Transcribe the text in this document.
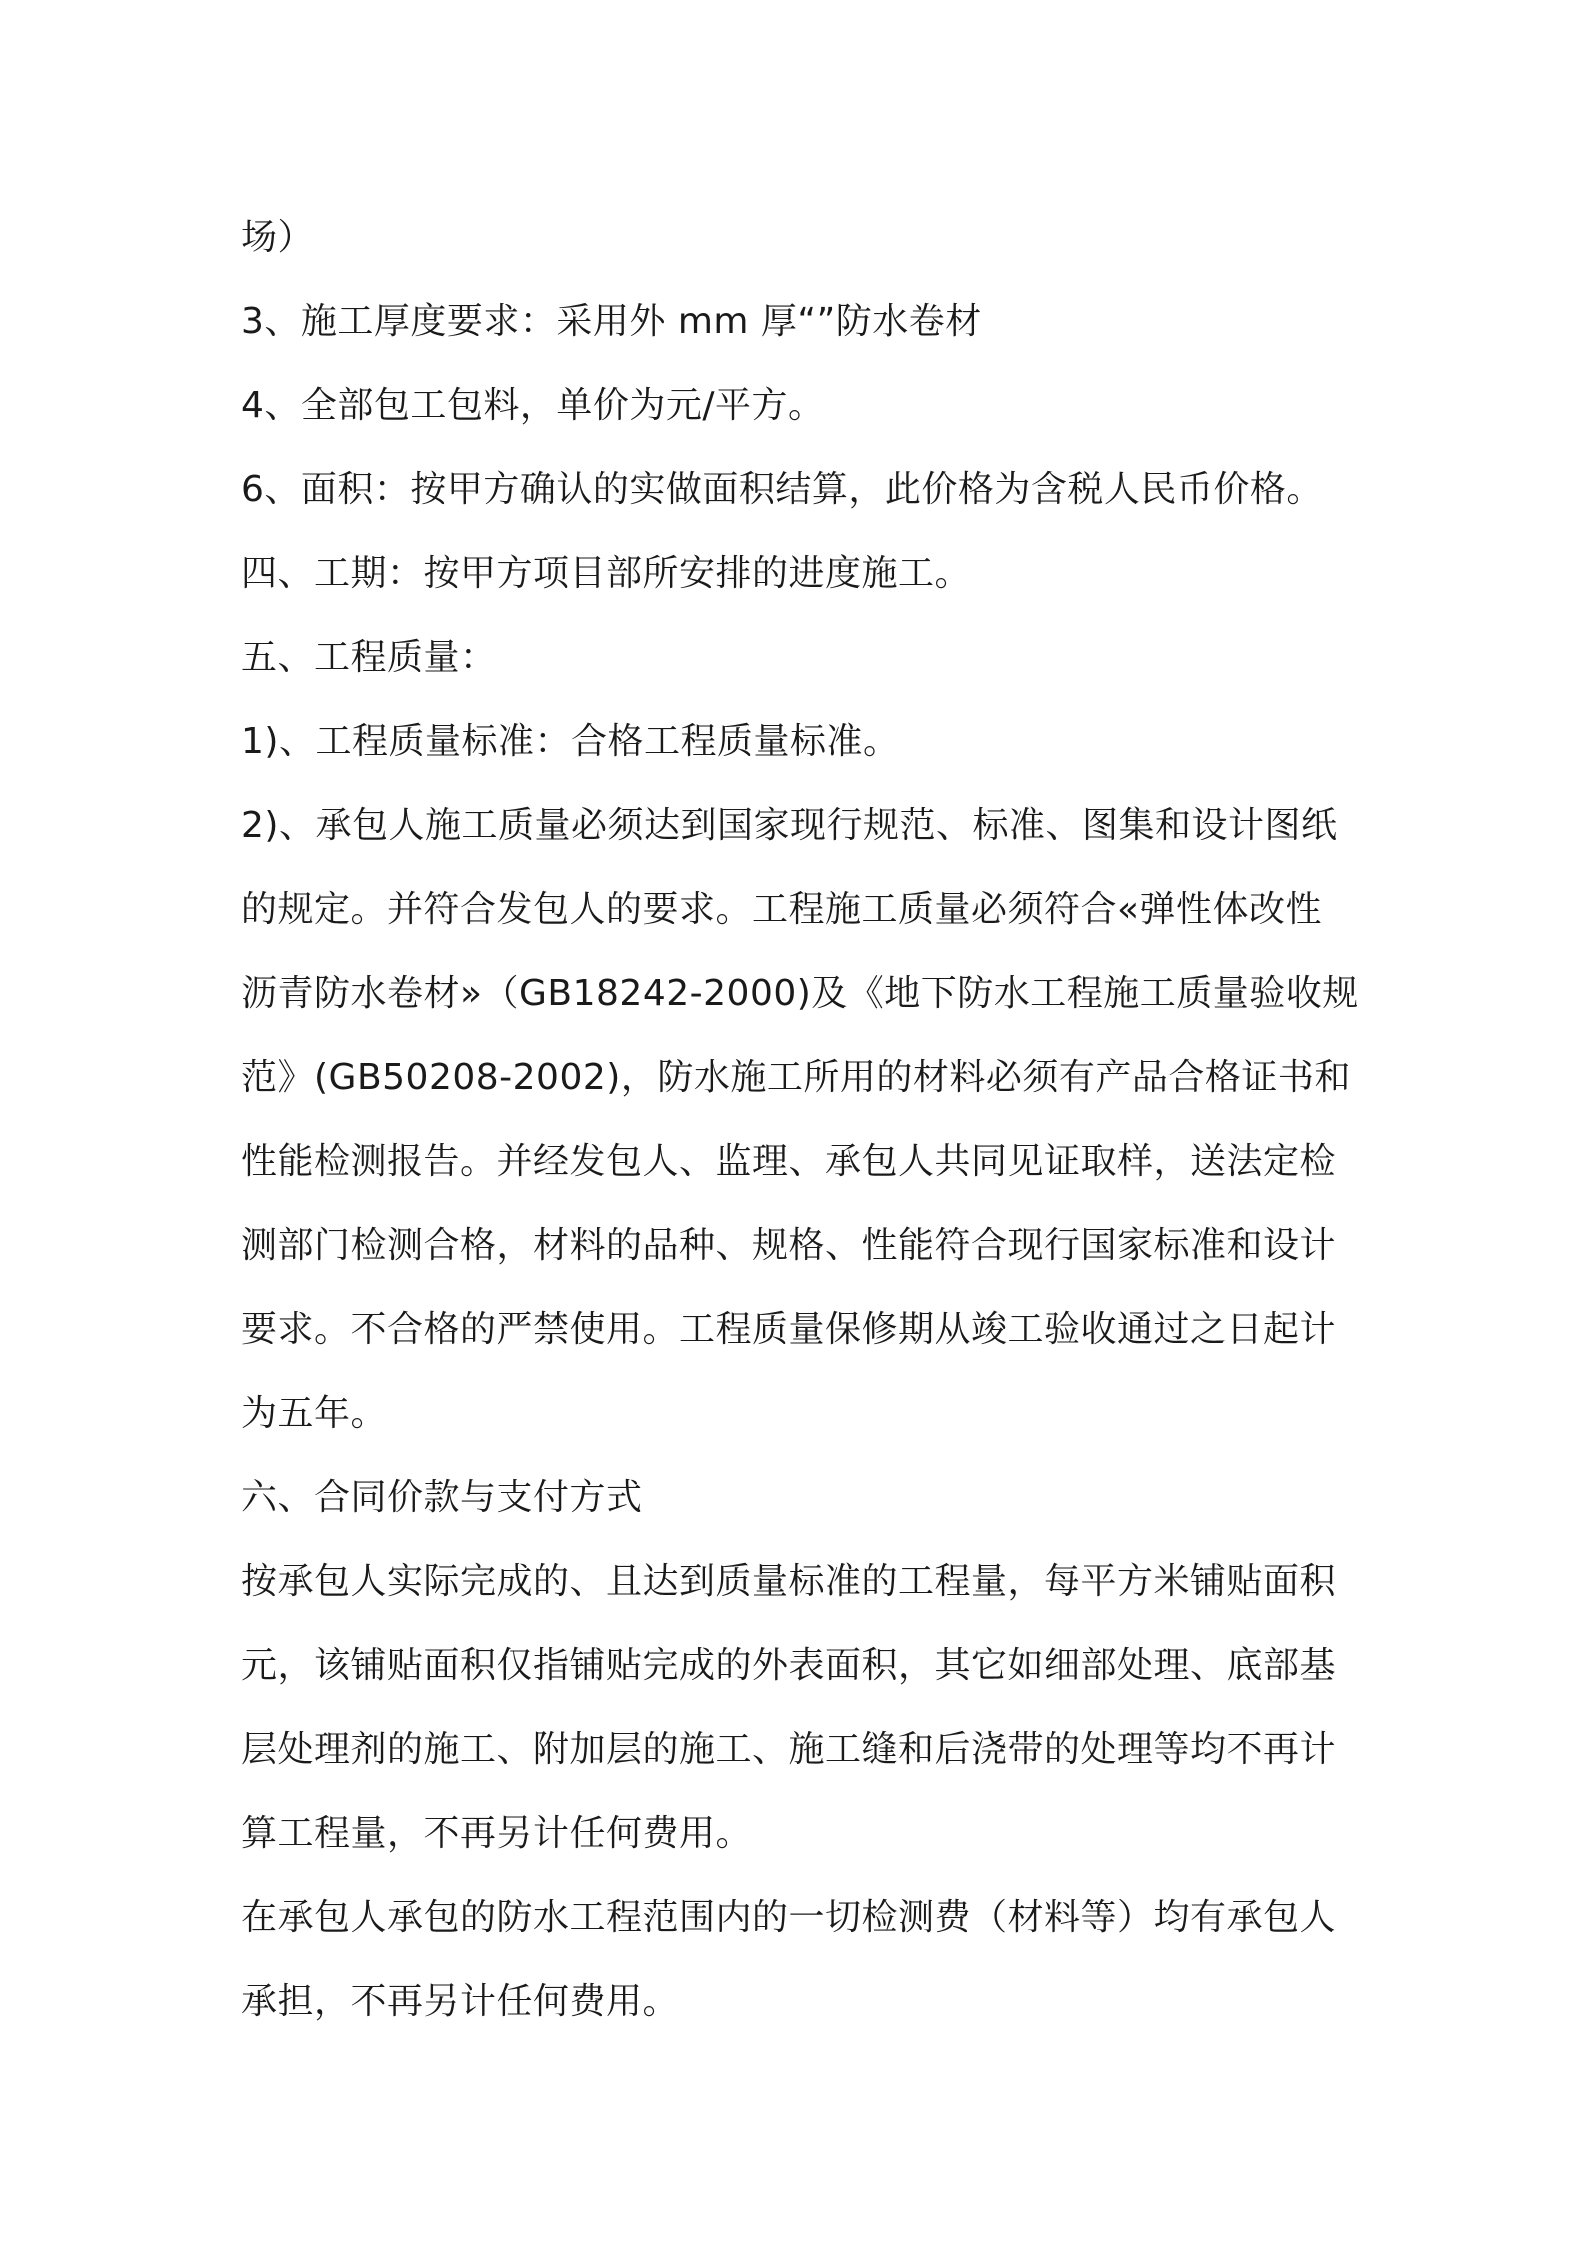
场）

3、施工厚度要求：采用外 mm 厚“”防水卷材

4、全部包工包料，单价为元/平方。

6、面积：按甲方确认的实做面积结算，此价格为含税人民币价格。

四、工期：按甲方项目部所安排的进度施工。

五、工程质量：

1)、工程质量标准：合格工程质量标准。

2)、承包人施工质量必须达到国家现行规范、标准、图集和设计图纸

的规定。并符合发包人的要求。工程施工质量必须符合«弹性体改性

沥青防水卷材»（GB18242-2000)及《地下防水工程施工质量验收规

范》(GB50208-2002)，防水施工所用的材料必须有产品合格证书和

性能检测报告。并经发包人、监理、承包人共同见证取样，送法定检

测部门检测合格，材料的品种、规格、性能符合现行国家标准和设计

要求。不合格的严禁使用。工程质量保修期从竣工验收通过之日起计

为五年。

六、合同价款与支付方式

按承包人实际完成的、且达到质量标准的工程量，每平方米铺贴面积

元，该铺贴面积仅指铺贴完成的外表面积，其它如细部处理、底部基

层处理剂的施工、附加层的施工、施工缝和后浇带的处理等均不再计

算工程量，不再另计任何费用。

在承包人承包的防水工程范围内的一切检测费（材料等）均有承包人

承担，不再另计任何费用。
